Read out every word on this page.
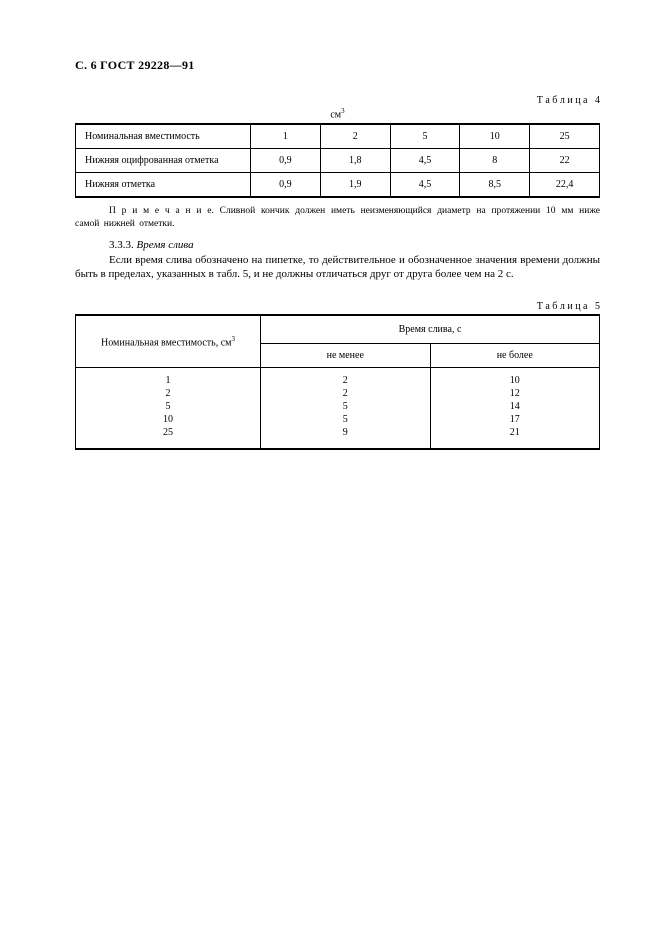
С. 6 ГОСТ 29228—91
Т а б л и ц а   4
$см^3$
Номинальная вместимость	1	2	5	10	25
Нижняя оцифрованная отметка	0,9	1,8	4,5	8	22
Нижняя отметка	0,9	1,9	4,5	8,5	22,4

П р и м е ч а н и е. Сливной кончик должен иметь неизменяющийся диаметр на протяжении 10 мм ниже самой нижней отметки.

3.3.3. Время слива

Если время слива обозначено на пипетке, то действительное и обозначенное значения времени должны быть в пределах, указанных в табл. 5, и не должны отличаться друг от друга более чем на 2 с.

Т а б л и ц а   5
Номинальная вместимость, $см^3$	Время слива, с	
	не менее	не более
1	2	10
2	2	12
5	5	14
10	5	17
25	9	21
